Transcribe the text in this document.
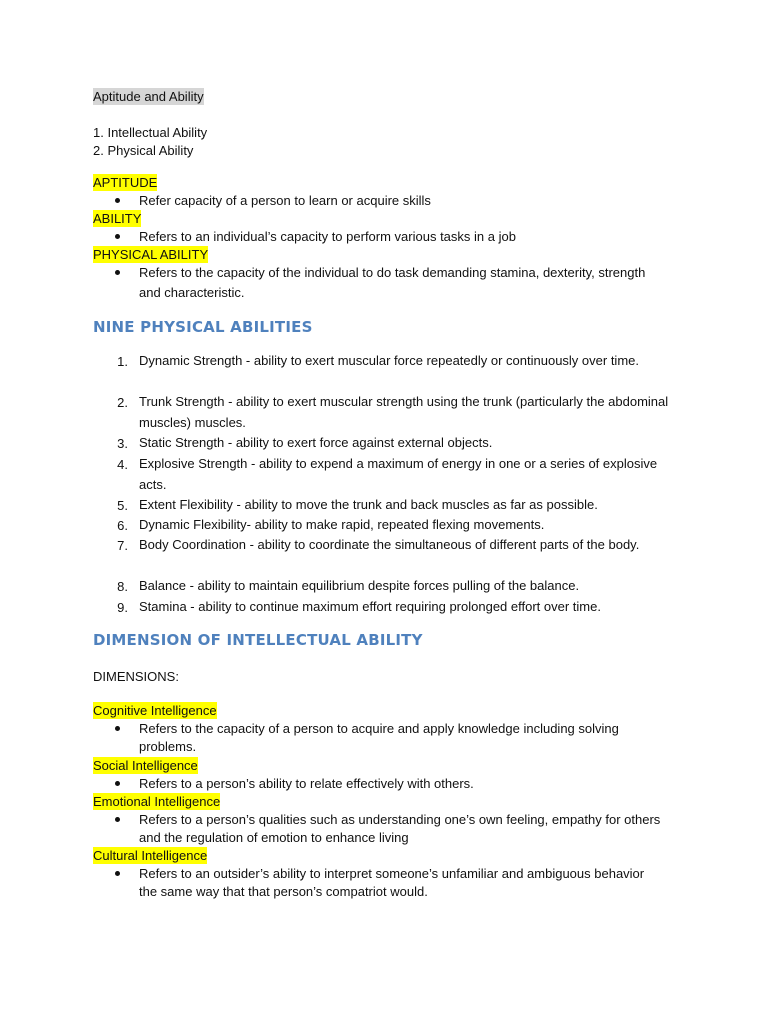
Aptitude and Ability
1. Intellectual Ability
2. Physical Ability
APTITUDE
Refer capacity of a person to learn or acquire skills
ABILITY
Refers to an individual’s capacity to perform various tasks in a job
PHYSICAL ABILITY
Refers to the capacity of the individual to do task demanding stamina, dexterity, strength and characteristic.
NINE PHYSICAL ABILITIES
1. Dynamic Strength - ability to exert muscular force repeatedly or continuously over time.
2. Trunk Strength - ability to exert muscular strength using the trunk (particularly the abdominal muscles) muscles.
3. Static Strength - ability to exert force against external objects.
4. Explosive Strength - ability to expend a maximum of energy in one or a series of explosive acts.
5. Extent Flexibility - ability to move the trunk and back muscles as far as possible.
6. Dynamic Flexibility- ability to make rapid, repeated flexing movements.
7. Body Coordination - ability to coordinate the simultaneous of different parts of the body.
8. Balance - ability to maintain equilibrium despite forces pulling of the balance.
9. Stamina - ability to continue maximum effort requiring prolonged effort over time.
DIMENSION OF INTELLECTUAL ABILITY
DIMENSIONS:
Cognitive Intelligence
Refers to the capacity of a person to acquire and apply knowledge including solving problems.
Social Intelligence
Refers to a person’s ability to relate effectively with others.
Emotional Intelligence
Refers to a person’s qualities such as understanding one’s own feeling, empathy for others and the regulation of emotion to enhance living
Cultural Intelligence
Refers to an outsider’s ability to interpret someone’s unfamiliar and ambiguous behavior the same way that that person’s compatriot would.
